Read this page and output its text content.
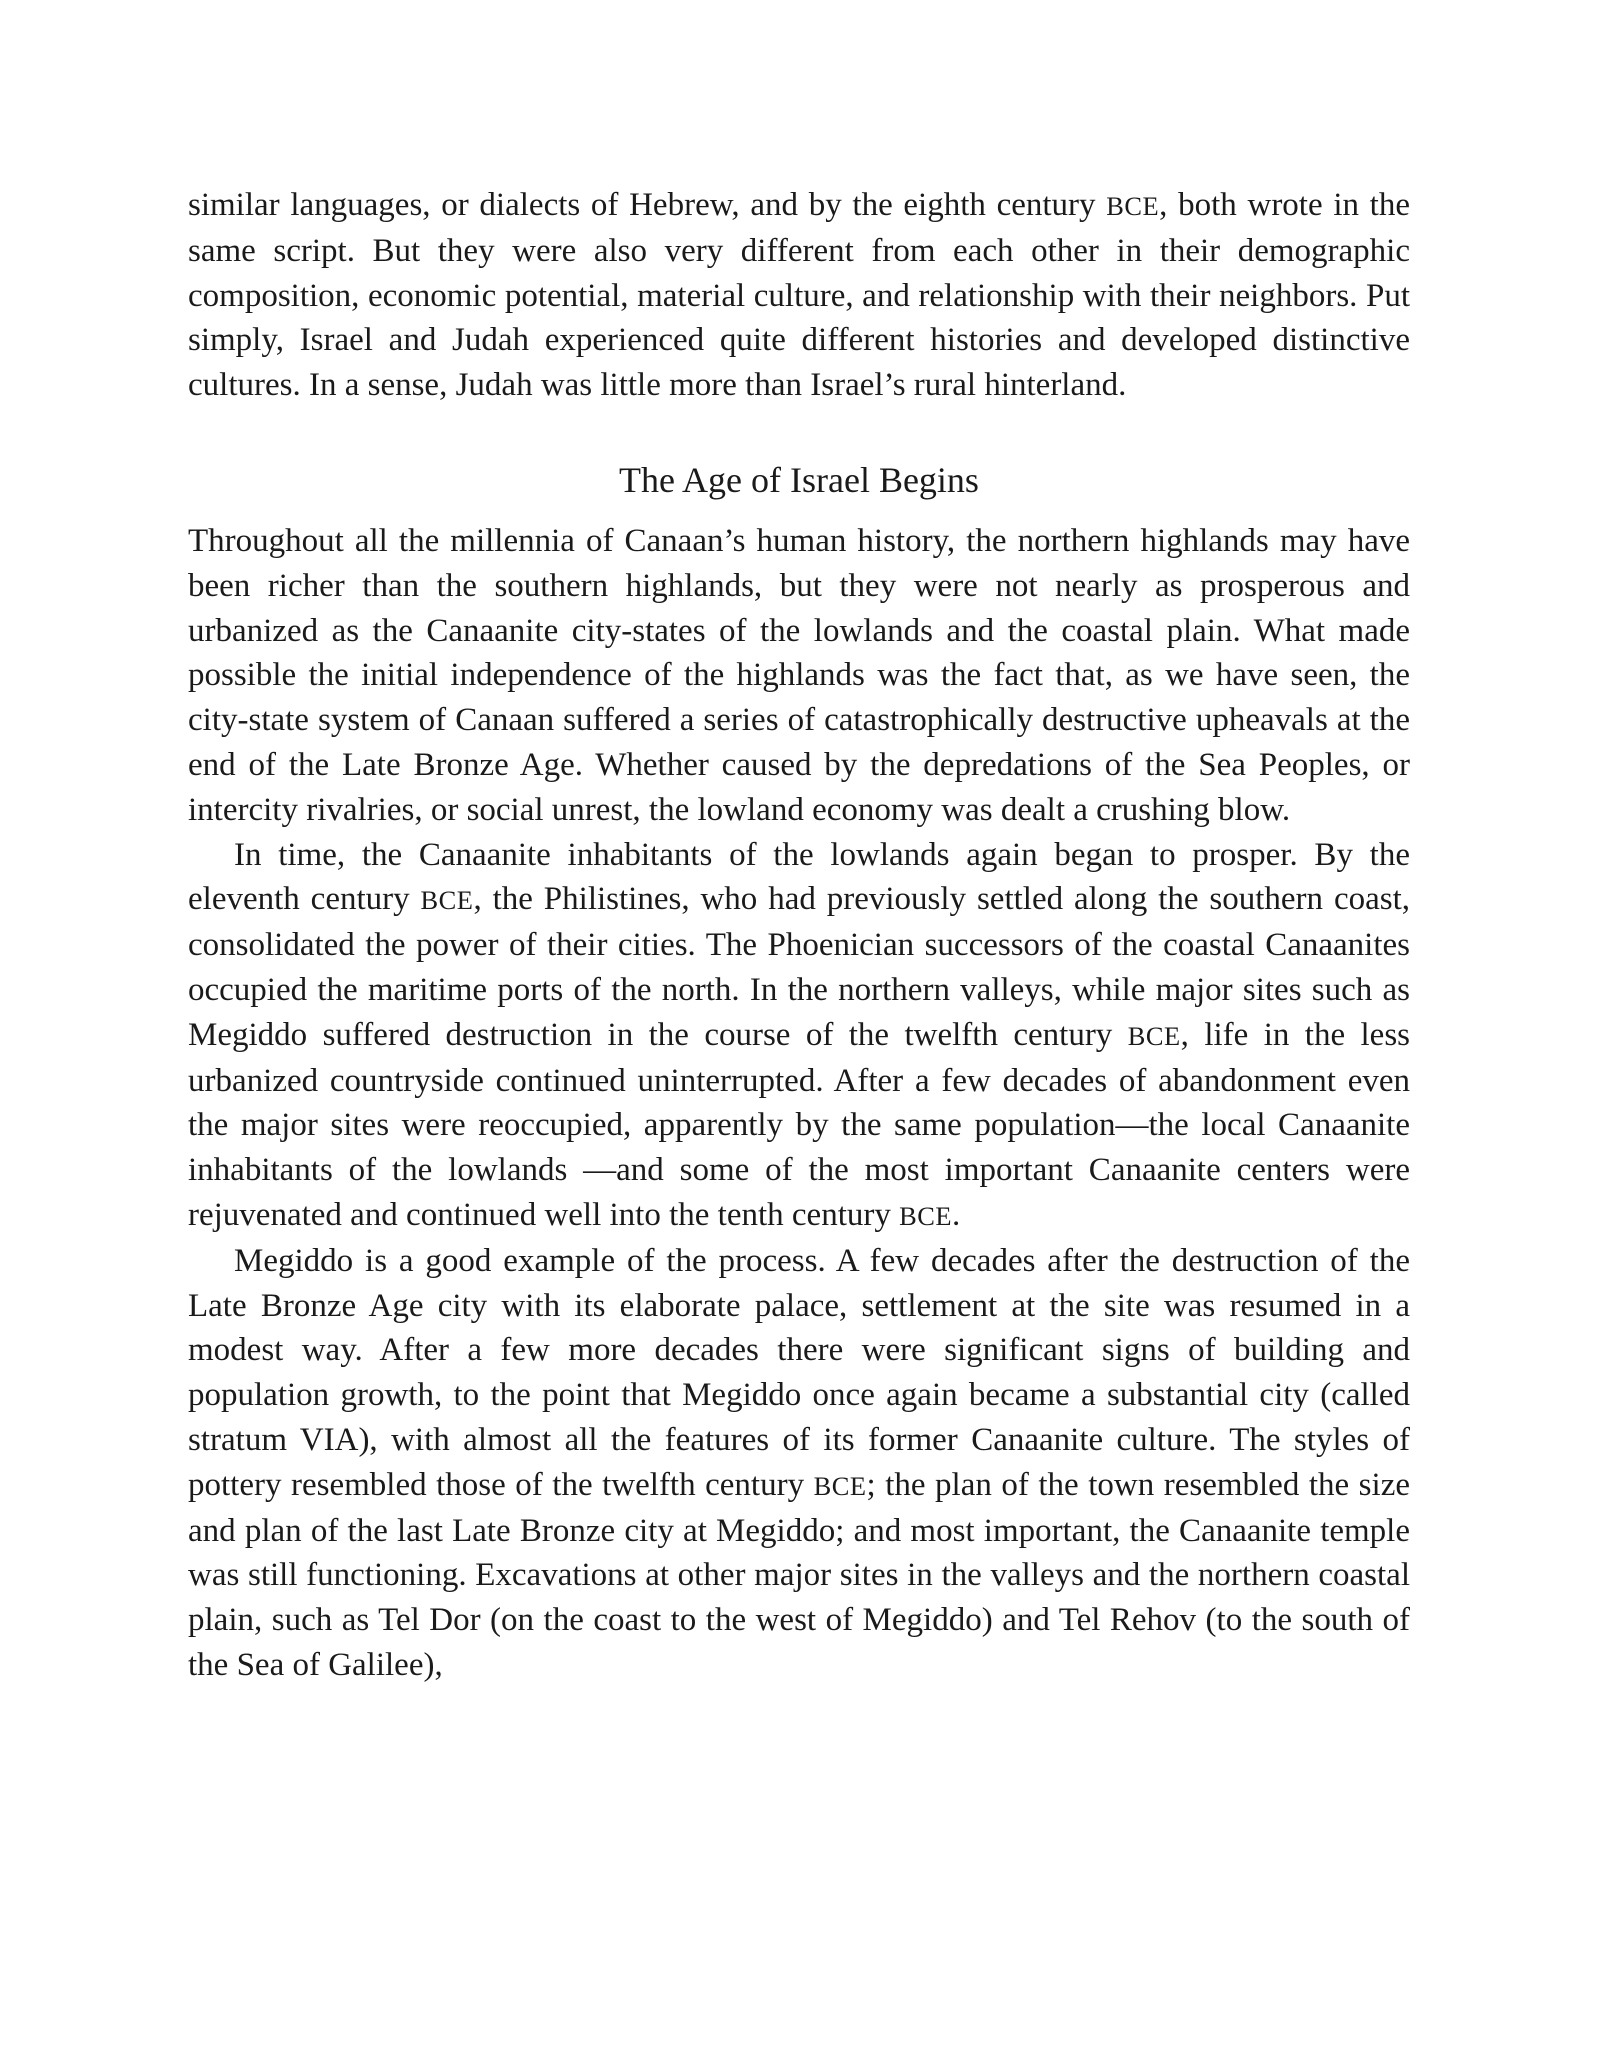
similar languages, or dialects of Hebrew, and by the eighth century BCE, both wrote in the same script. But they were also very different from each other in their demographic composition, economic potential, material culture, and relationship with their neighbors. Put simply, Israel and Judah experienced quite different histories and developed distinctive cultures. In a sense, Judah was little more than Israel’s rural hinterland.

The Age of Israel Begins

Throughout all the millennia of Canaan’s human history, the northern highlands may have been richer than the southern highlands, but they were not nearly as prosperous and urbanized as the Canaanite city-states of the lowlands and the coastal plain. What made possible the initial independence of the highlands was the fact that, as we have seen, the city-state system of Canaan suffered a series of catastrophically destructive upheavals at the end of the Late Bronze Age. Whether caused by the depredations of the Sea Peoples, or intercity rivalries, or social unrest, the lowland economy was dealt a crushing blow.

In time, the Canaanite inhabitants of the lowlands again began to prosper. By the eleventh century BCE, the Philistines, who had previously settled along the southern coast, consolidated the power of their cities. The Phoenician successors of the coastal Canaanites occupied the maritime ports of the north. In the northern valleys, while major sites such as Megiddo suffered destruction in the course of the twelfth century BCE, life in the less urbanized countryside continued uninterrupted. After a few decades of abandonment even the major sites were reoccupied, apparently by the same population—the local Canaanite inhabitants of the lowlands —and some of the most important Canaanite centers were rejuvenated and continued well into the tenth century BCE.

Megiddo is a good example of the process. A few decades after the destruction of the Late Bronze Age city with its elaborate palace, settlement at the site was resumed in a modest way. After a few more decades there were significant signs of building and population growth, to the point that Megiddo once again became a substantial city (called stratum VIA), with almost all the features of its former Canaanite culture. The styles of pottery resembled those of the twelfth century BCE; the plan of the town resembled the size and plan of the last Late Bronze city at Megiddo; and most important, the Canaanite temple was still functioning. Excavations at other major sites in the valleys and the northern coastal plain, such as Tel Dor (on the coast to the west of Megiddo) and Tel Rehov (to the south of the Sea of Galilee),
